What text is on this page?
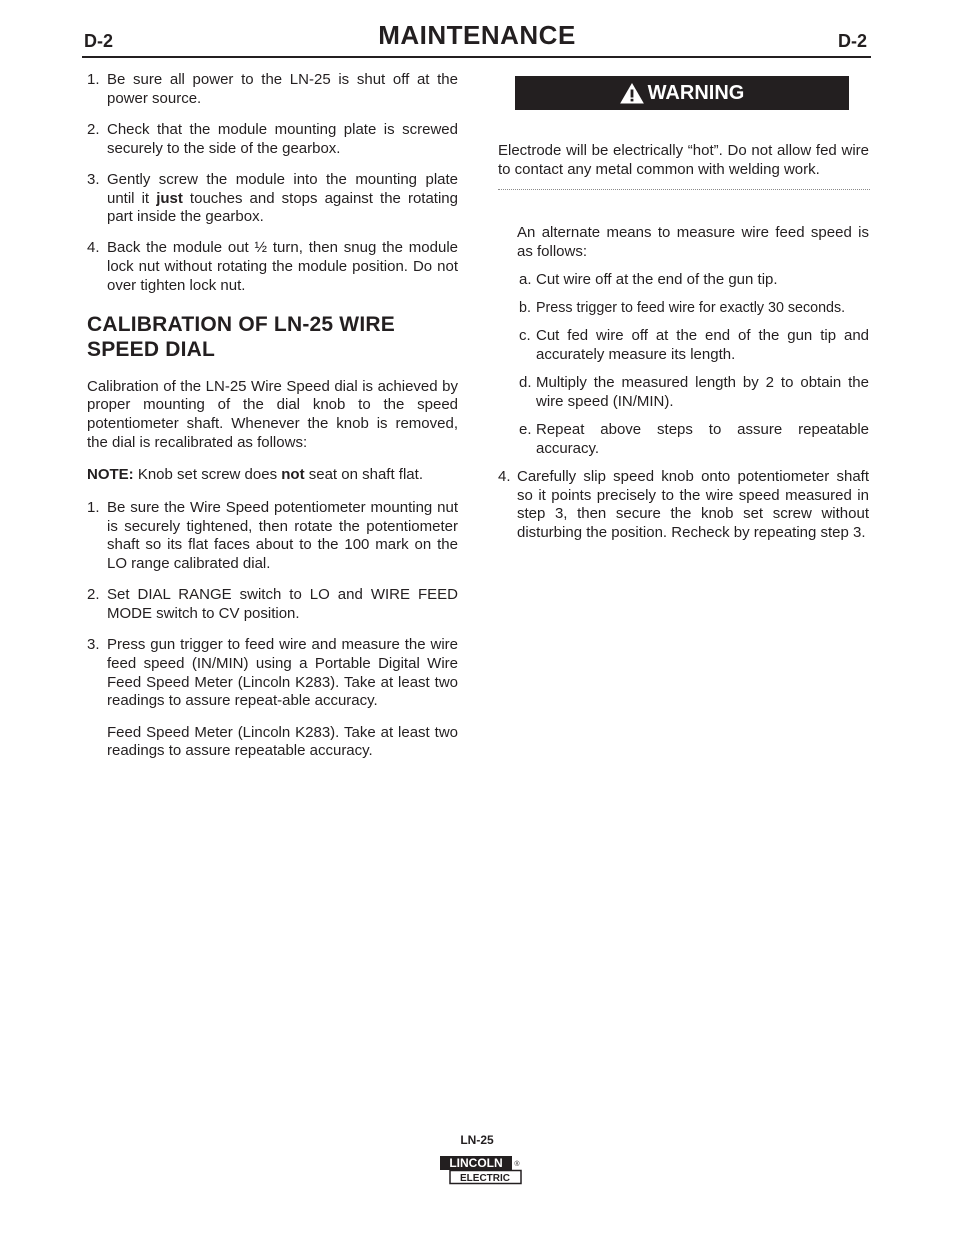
D-2	MAINTENANCE	D-2
1. Be sure all power to the LN-25 is shut off at the power source.
2. Check that the module mounting plate is screwed securely to the side of the gearbox.
3. Gently screw the module into the mounting plate until it just touches and stops against the rotating part inside the gearbox.
4. Back the module out ½ turn, then snug the module lock nut without rotating the module position. Do not over tighten lock nut.
CALIBRATION OF LN-25 WIRE SPEED DIAL

Calibration of the LN-25 Wire Speed dial is achieved by proper mounting of the dial knob to the speed potentiometer shaft. Whenever the knob is removed, the dial is recalibrated as follows:

NOTE: Knob set screw does not seat on shaft flat.

1. Be sure the Wire Speed potentiometer mounting nut is securely tightened, then rotate the potentiometer shaft so its flat faces about to the 100 mark on the LO range calibrated dial.
2. Set DIAL RANGE switch to LO and WIRE FEED MODE switch to CV position.
3. Press gun trigger to feed wire and measure the wire feed speed (IN/MIN) using a Portable Digital Wire Feed Speed Meter (Lincoln K283). Take at least two readings to assure repeat-able accuracy.

Feed Speed Meter (Lincoln K283). Take at least two readings to assure repeatable accuracy.

WARNING

Electrode will be electrically “hot”. Do not allow fed wire to contact any metal common with welding work.

An alternate means to measure wire feed speed is as follows:

a. Cut wire off at the end of the gun tip.
b. Press trigger to feed wire for exactly 30 seconds.
c. Cut fed wire off at the end of the gun tip and accurately measure its length.
d. Multiply the measured length by 2 to obtain the wire speed (IN/MIN).
e. Repeat above steps to assure repeatable accuracy.
4. Carefully slip speed knob onto potentiometer shaft so it points precisely to the wire speed measured in step 3, then secure the knob set screw without disturbing the position. Recheck by repeating step 3.
LN-25
LINCOLN
ELECTRIC
®
